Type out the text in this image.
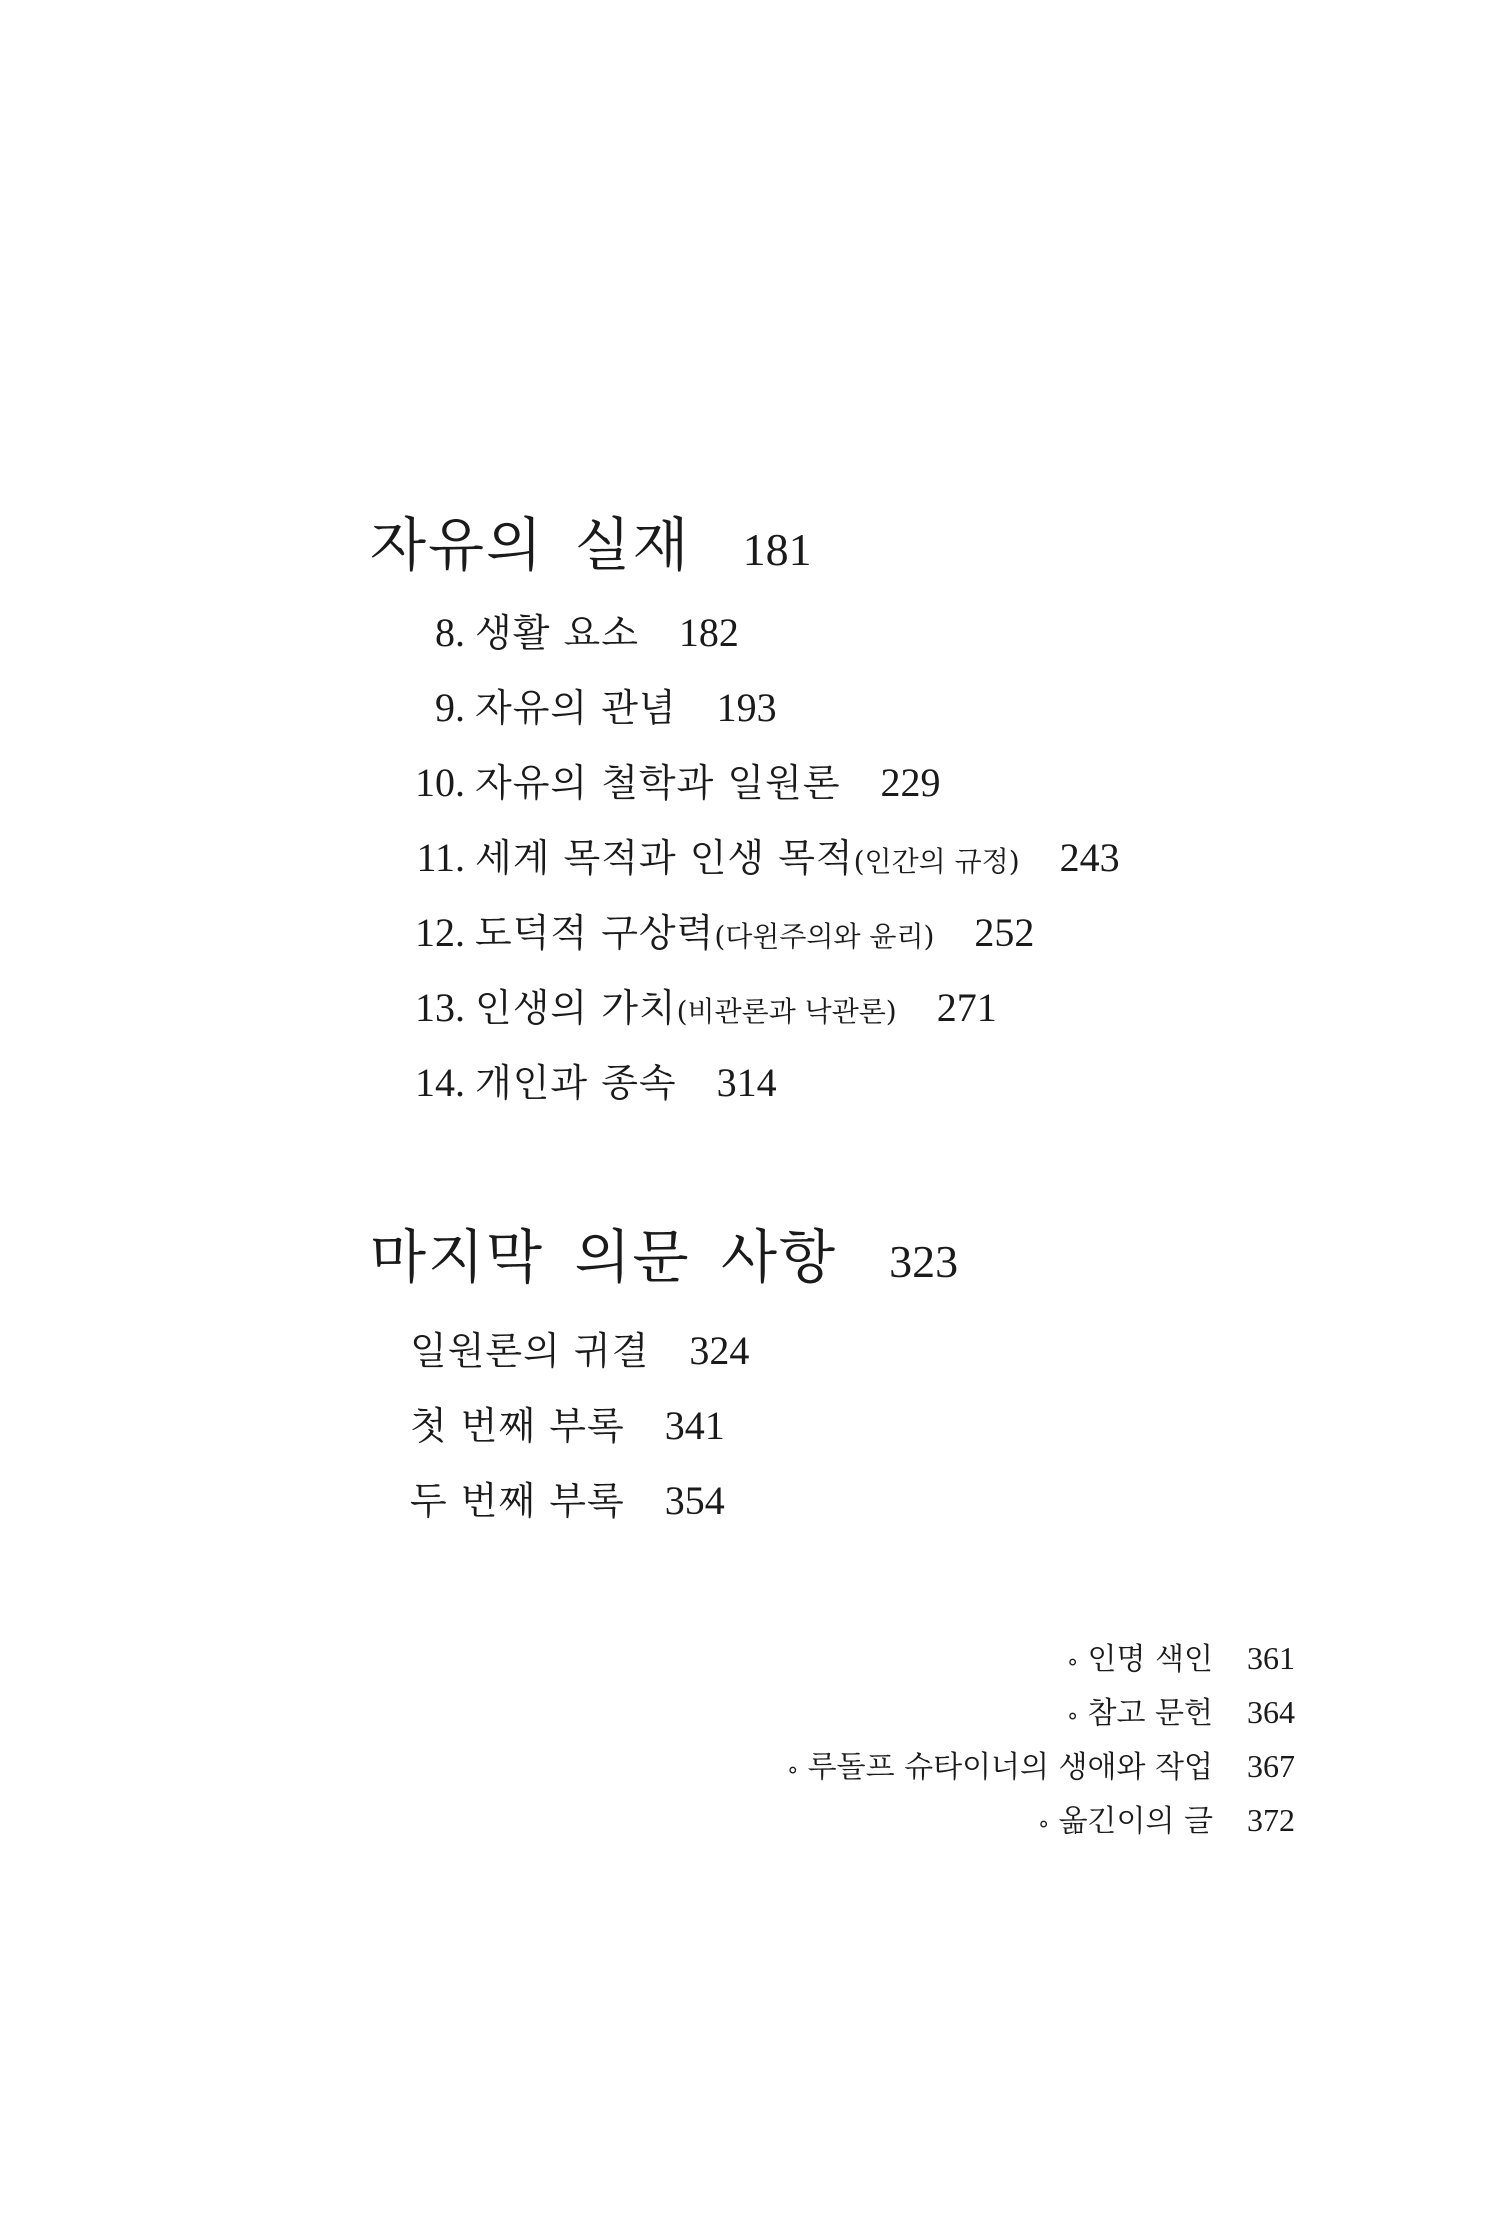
자유의 실재 181
8. 생활 요소 182
9. 자유의 관념 193
10. 자유의 철학과 일원론 229
11. 세계 목적과 인생 목적 (인간의 규정) 243
12. 도덕적 구상력 (다윈주의와 윤리) 252
13. 인생의 가치 (비관론과 낙관론) 271
14. 개인과 종속 314
마지막 의문 사항 323
일원론의 귀결 324
첫 번째 부록 341
두 번째 부록 354
∘ 인명 색인 361
∘ 참고 문헌 364
∘ 루돌프 슈타이너의 생애와 작업 367
∘ 옮긴이의 글 372
